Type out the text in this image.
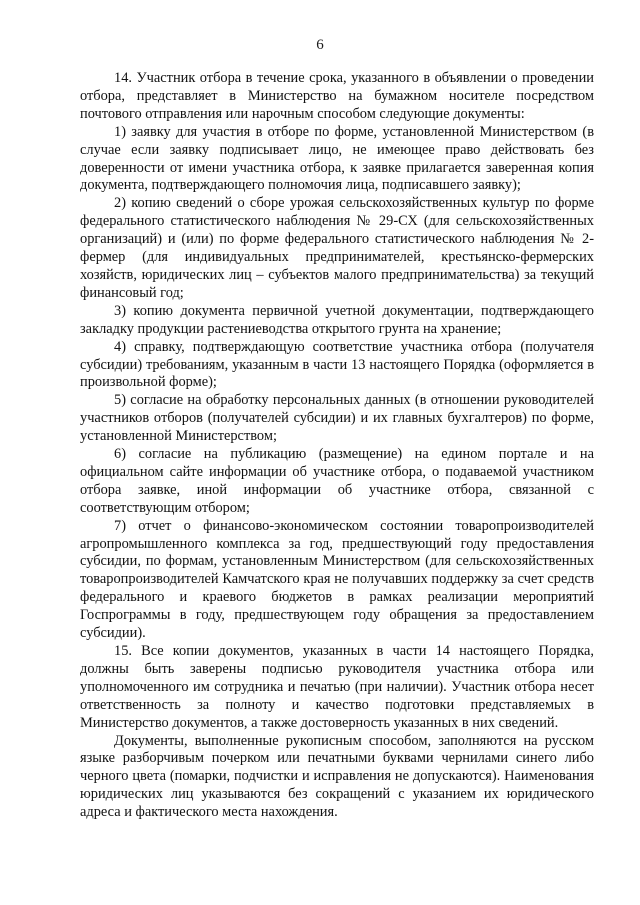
6

14. Участник отбора в течение срока, указанного в объявлении о проведении отбора, представляет в Министерство на бумажном носителе посредством почтового отправления или нарочным способом следующие документы:

1) заявку для участия в отборе по форме, установленной Министерством (в случае если заявку подписывает лицо, не имеющее право действовать без доверенности от имени участника отбора, к заявке прилагается заверенная копия документа, подтверждающего полномочия лица, подписавшего заявку);

2) копию сведений о сборе урожая сельскохозяйственных культур по форме федерального статистического наблюдения № 29-СХ (для сельскохозяйственных организаций) и (или) по форме федерального статистического наблюдения № 2-фермер (для индивидуальных предпринимателей, крестьянско-фермерских хозяйств, юридических лиц – субъектов малого предпринимательства) за текущий финансовый год;

3) копию документа первичной учетной документации, подтверждающего закладку продукции растениеводства открытого грунта на хранение;

4) справку, подтверждающую соответствие участника отбора (получателя субсидии) требованиям, указанным в части 13 настоящего Порядка (оформляется в произвольной форме);

5) согласие на обработку персональных данных (в отношении руководителей участников отборов (получателей субсидии) и их главных бухгалтеров) по форме, установленной Министерством;

6) согласие на публикацию (размещение) на едином портале и на официальном сайте информации об участнике отбора, о подаваемой участником отбора заявке, иной информации об участнике отбора, связанной с соответствующим отбором;

7) отчет о финансово-экономическом состоянии товаропроизводителей агропромышленного комплекса за год, предшествующий году предоставления субсидии, по формам, установленным Министерством (для сельскохозяйственных товаропроизводителей Камчатского края не получавших поддержку за счет средств федерального и краевого бюджетов в рамках реализации мероприятий Госпрограммы в году, предшествующем году обращения за предоставлением субсидии).

15. Все копии документов, указанных в части 14 настоящего Порядка, должны быть заверены подписью руководителя участника отбора или уполномоченного им сотрудника и печатью (при наличии). Участник отбора несет ответственность за полноту и качество подготовки представляемых в Министерство документов, а также достоверность указанных в них сведений.

Документы, выполненные рукописным способом, заполняются на русском языке разборчивым почерком или печатными буквами чернилами синего либо черного цвета (помарки, подчистки и исправления не допускаются). Наименования юридических лиц указываются без сокращений с указанием их юридического адреса и фактического места нахождения.
